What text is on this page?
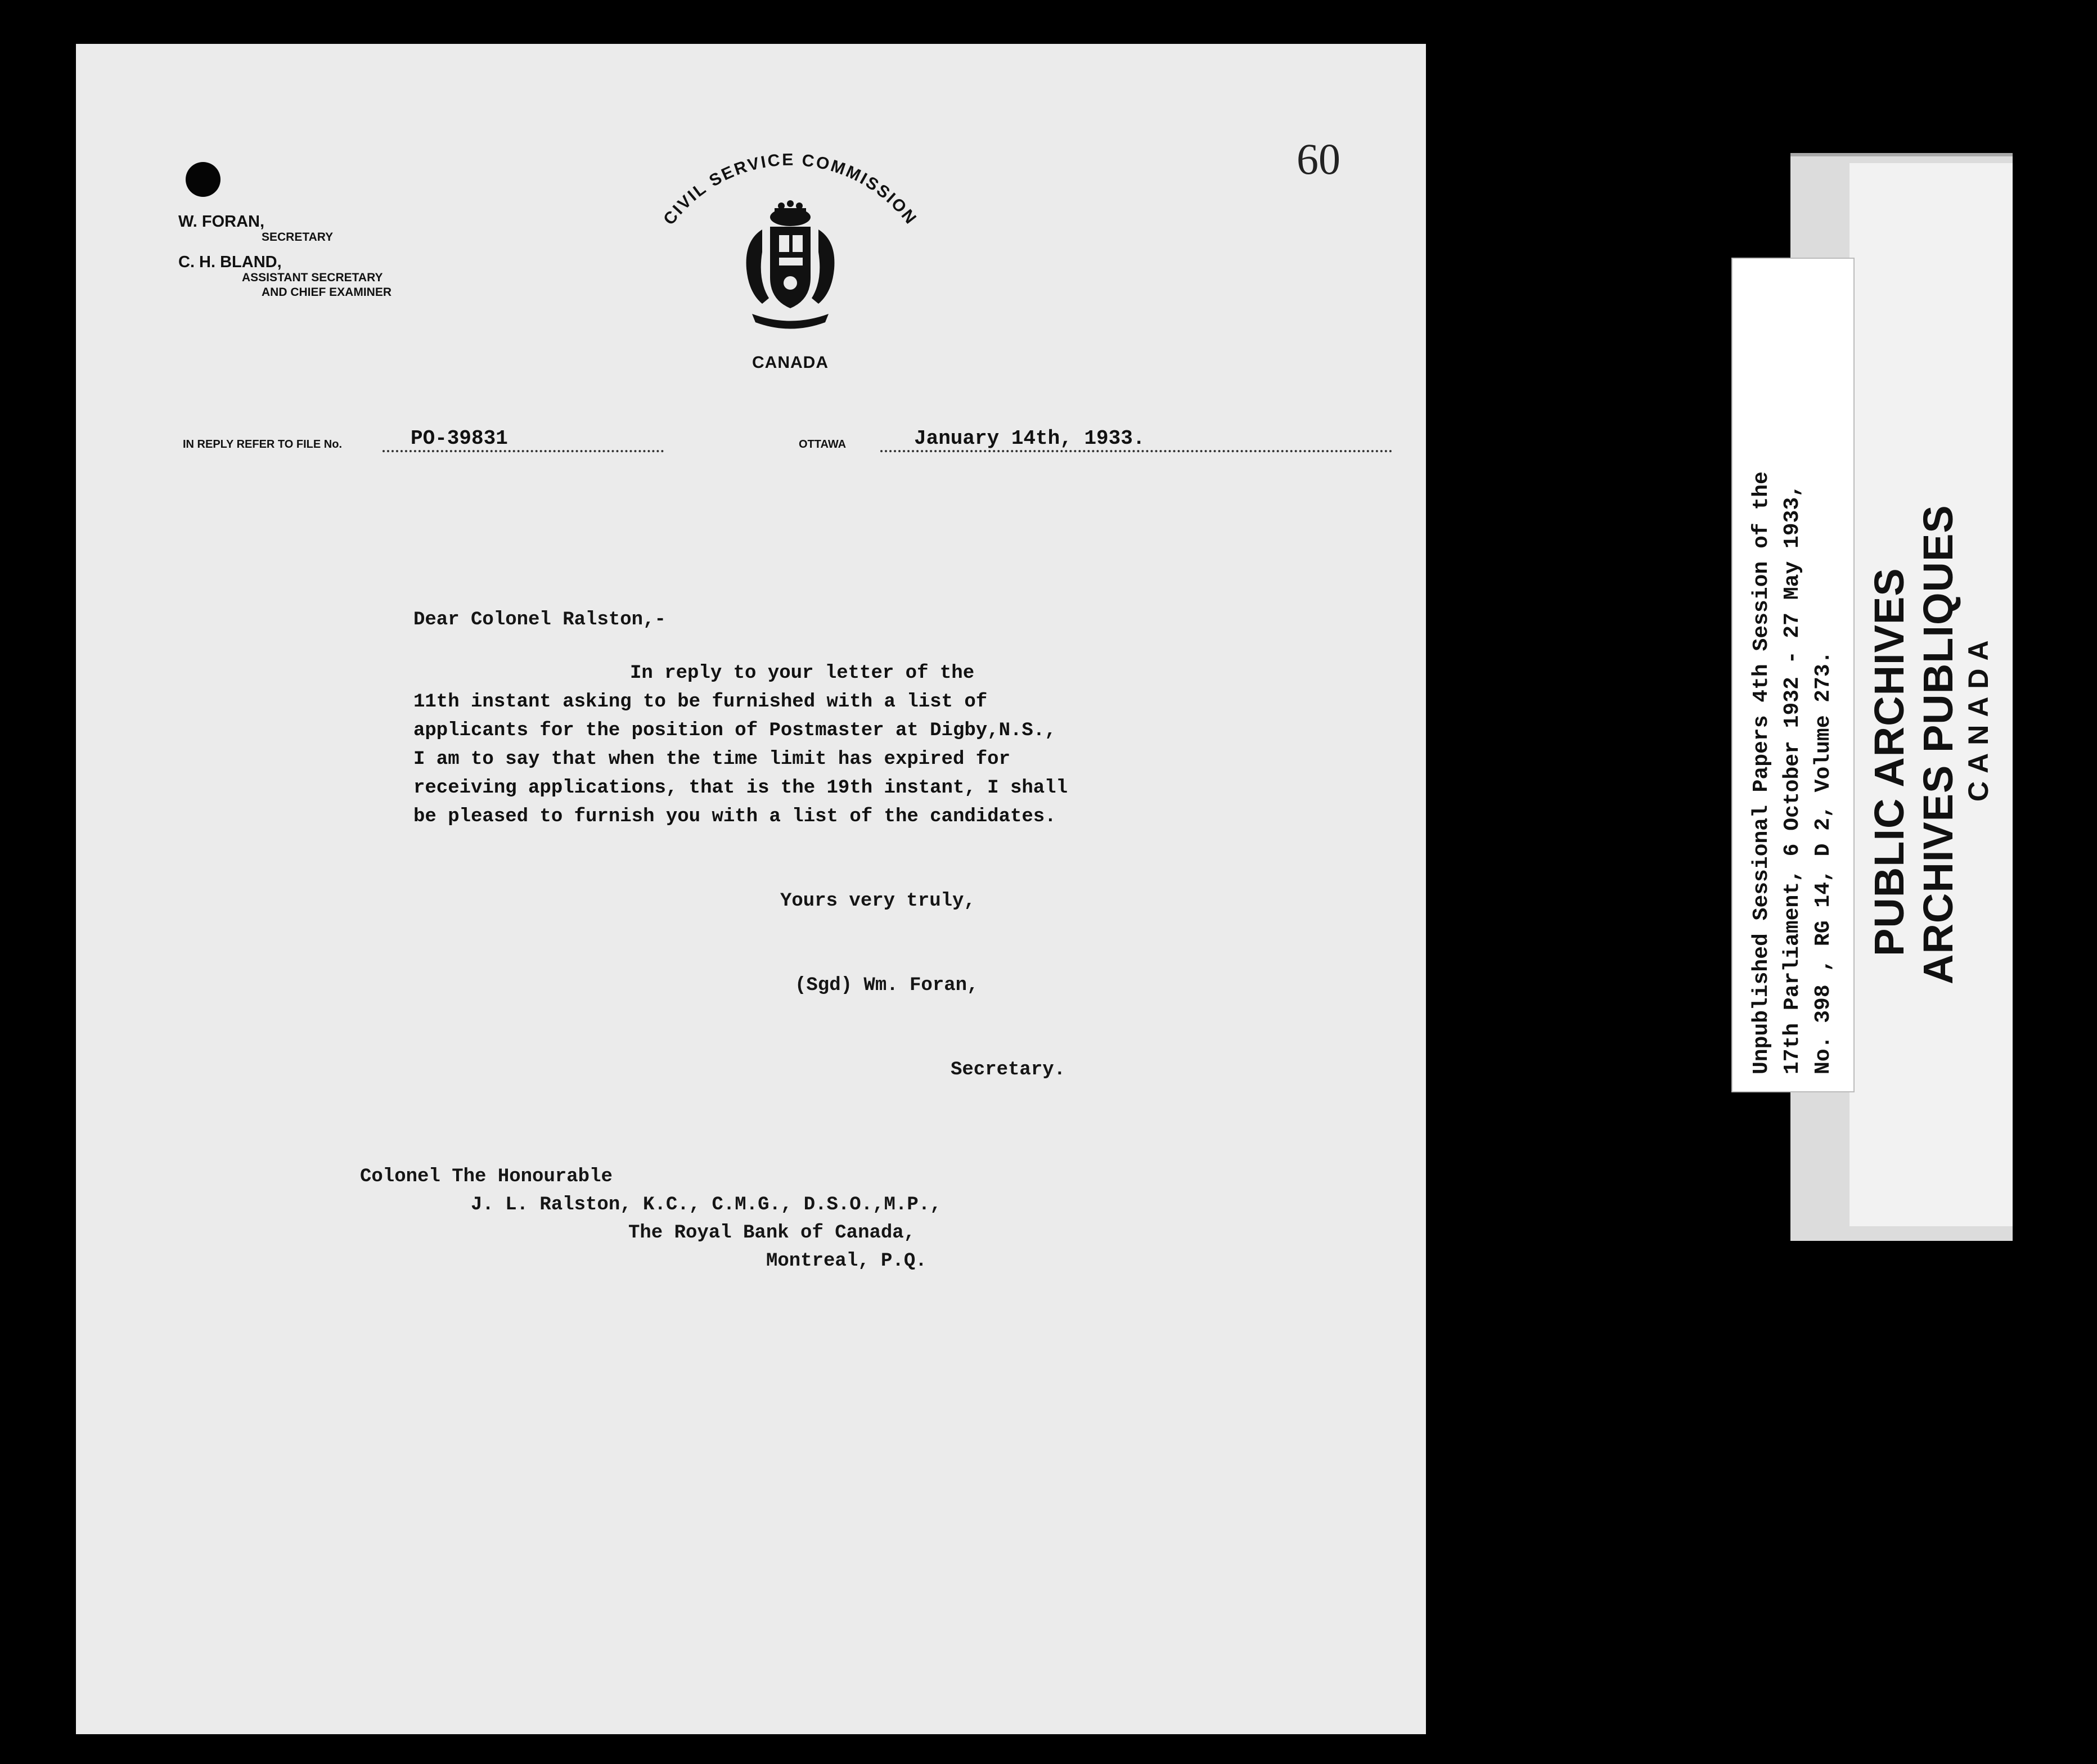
60
W. FORAN,
SECRETARY
C. H. BLAND,
ASSISTANT SECRETARY
AND CHIEF EXAMINER
CIVIL SERVICE COMMISSION
CANADA
IN REPLY REFER TO FILE No.	PO-39831	OTTAWA	January 14th, 1933.
Dear Colonel Ralston,-
In reply to your letter of the
11th instant asking to be furnished with a list of
applicants for the position of Postmaster at Digby,N.S.,
I am to say that when the time limit has expired for
receiving applications, that is the 19th instant, I shall
be pleased to furnish you with a list of the candidates.
Yours very truly,
(Sgd) Wm. Foran,
Secretary.
Colonel The Honourable
J. L. Ralston, K.C., C.M.G., D.S.O.,M.P.,
The Royal Bank of Canada,
Montreal, P.Q.
PUBLIC ARCHIVES ARCHIVES PUBLIQUES CANADA
Unpublished Sessional Papers 4th Session of the 17th Parliament, 6 October 1932 - 27 May 1933, No. 398 , RG 14, D 2, Volume 273.
